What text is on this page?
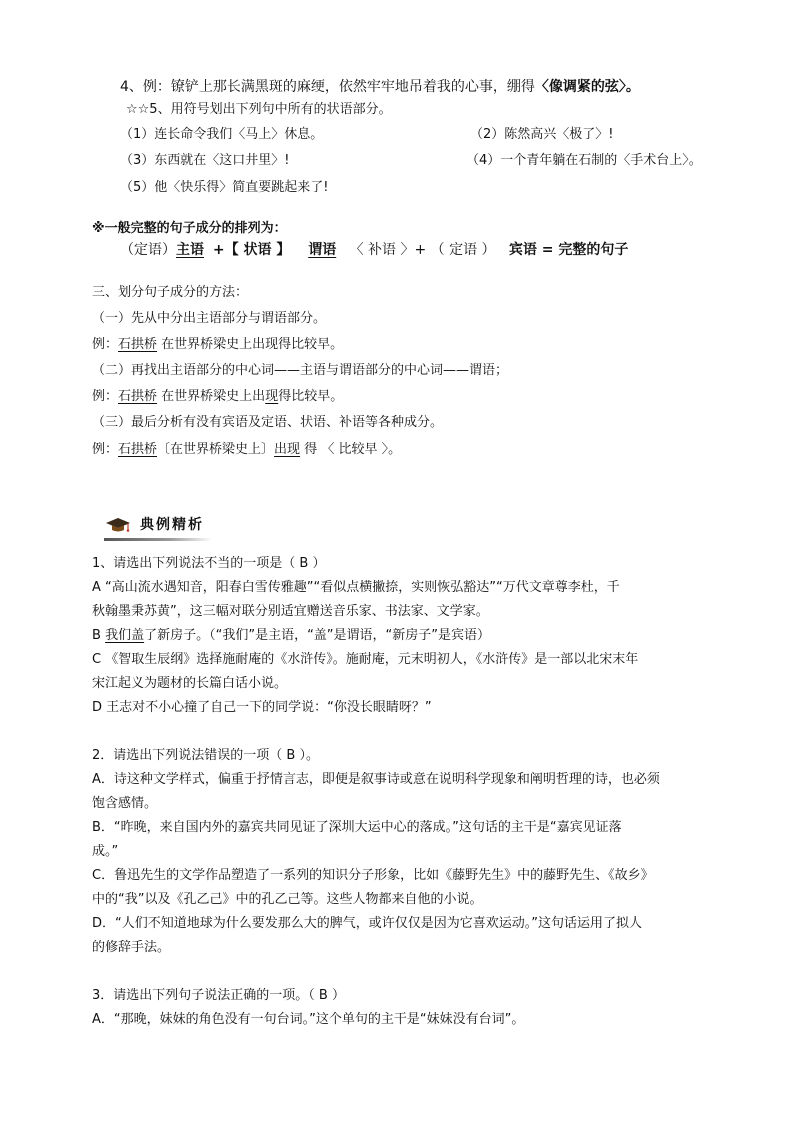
4、例：镣铲上那长满黑斑的麻绠，依然牢牢地吊着我的心事，绷得〈像调紧的弦〉。
☆☆5、用符号划出下列句中所有的状语部分。
（1）连长命令我们〈马上〉休息。	（2）陈然高兴〈极了〉!
（3）东西就在〈这口井里〉!	（4）一个青年躺在石制的〈手术台上〉。
（5）他〈快乐得〉简直要跳起来了!
※一般完整的句子成分的排列为：
（定语）主语 +【 状语 】 谓语 〈 补语 〉+ （ 定语 ） 宾语 = 完整的句子
三、划分句子成分的方法：
（一）先从中分出主语部分与谓语部分。
例：石拱桥 在世界桥梁史上出现得比较早。
（二）再找出主语部分的中心词——主语与谓语部分的中心词——谓语；
例：石拱桥 在世界桥梁史上出现得比较早。
（三）最后分析有没有宾语及定语、状语、补语等各种成分。
例：石拱桥〔在世界桥梁史上〕出现 得 〈 比较早 〉。
典例精析
1、请选出下列说法不当的一项是（ B ）
A “高山流水遇知音，阳春白雪传雅趣”“看似点横撇捺，实则恢弘豁达”“万代文章尊李杜，千
秋翰墨秉苏黄”，这三幅对联分别适宜赠送音乐家、书法家、文学家。
B 我们盖了新房子。（“我们”是主语，“盖”是谓语，“新房子”是宾语）
C 《智取生辰纲》选择施耐庵的《水浒传》。施耐庵，元末明初人，《水浒传》是一部以北宋末年
宋江起义为题材的长篇白话小说。
D 王志对不小心撞了自己一下的同学说：“你没长眼睛呀？”
2．请选出下列说法错误的一项（ B ）。
A．诗这种文学样式，偏重于抒情言志，即便是叙事诗或意在说明科学现象和阐明哲理的诗，也必须
饱含感情。
B．“昨晚，来自国内外的嘉宾共同见证了深圳大运中心的落成。”这句话的主干是“嘉宾见证落
成。”
C．鲁迅先生的文学作品塑造了一系列的知识分子形象，比如《藤野先生》中的藤野先生、《故乡》
中的“我”以及《孔乙己》中的孔乙己等。这些人物都来自他的小说。
D．“人们不知道地球为什么要发那么大的脾气，或许仅仅是因为它喜欢运动。”这句话运用了拟人
的修辞手法。
3．请选出下列句子说法正确的一项。（ B ）
A．“那晚，妹妹的角色没有一句台词。”这个单句的主干是“妹妹没有台词”。
